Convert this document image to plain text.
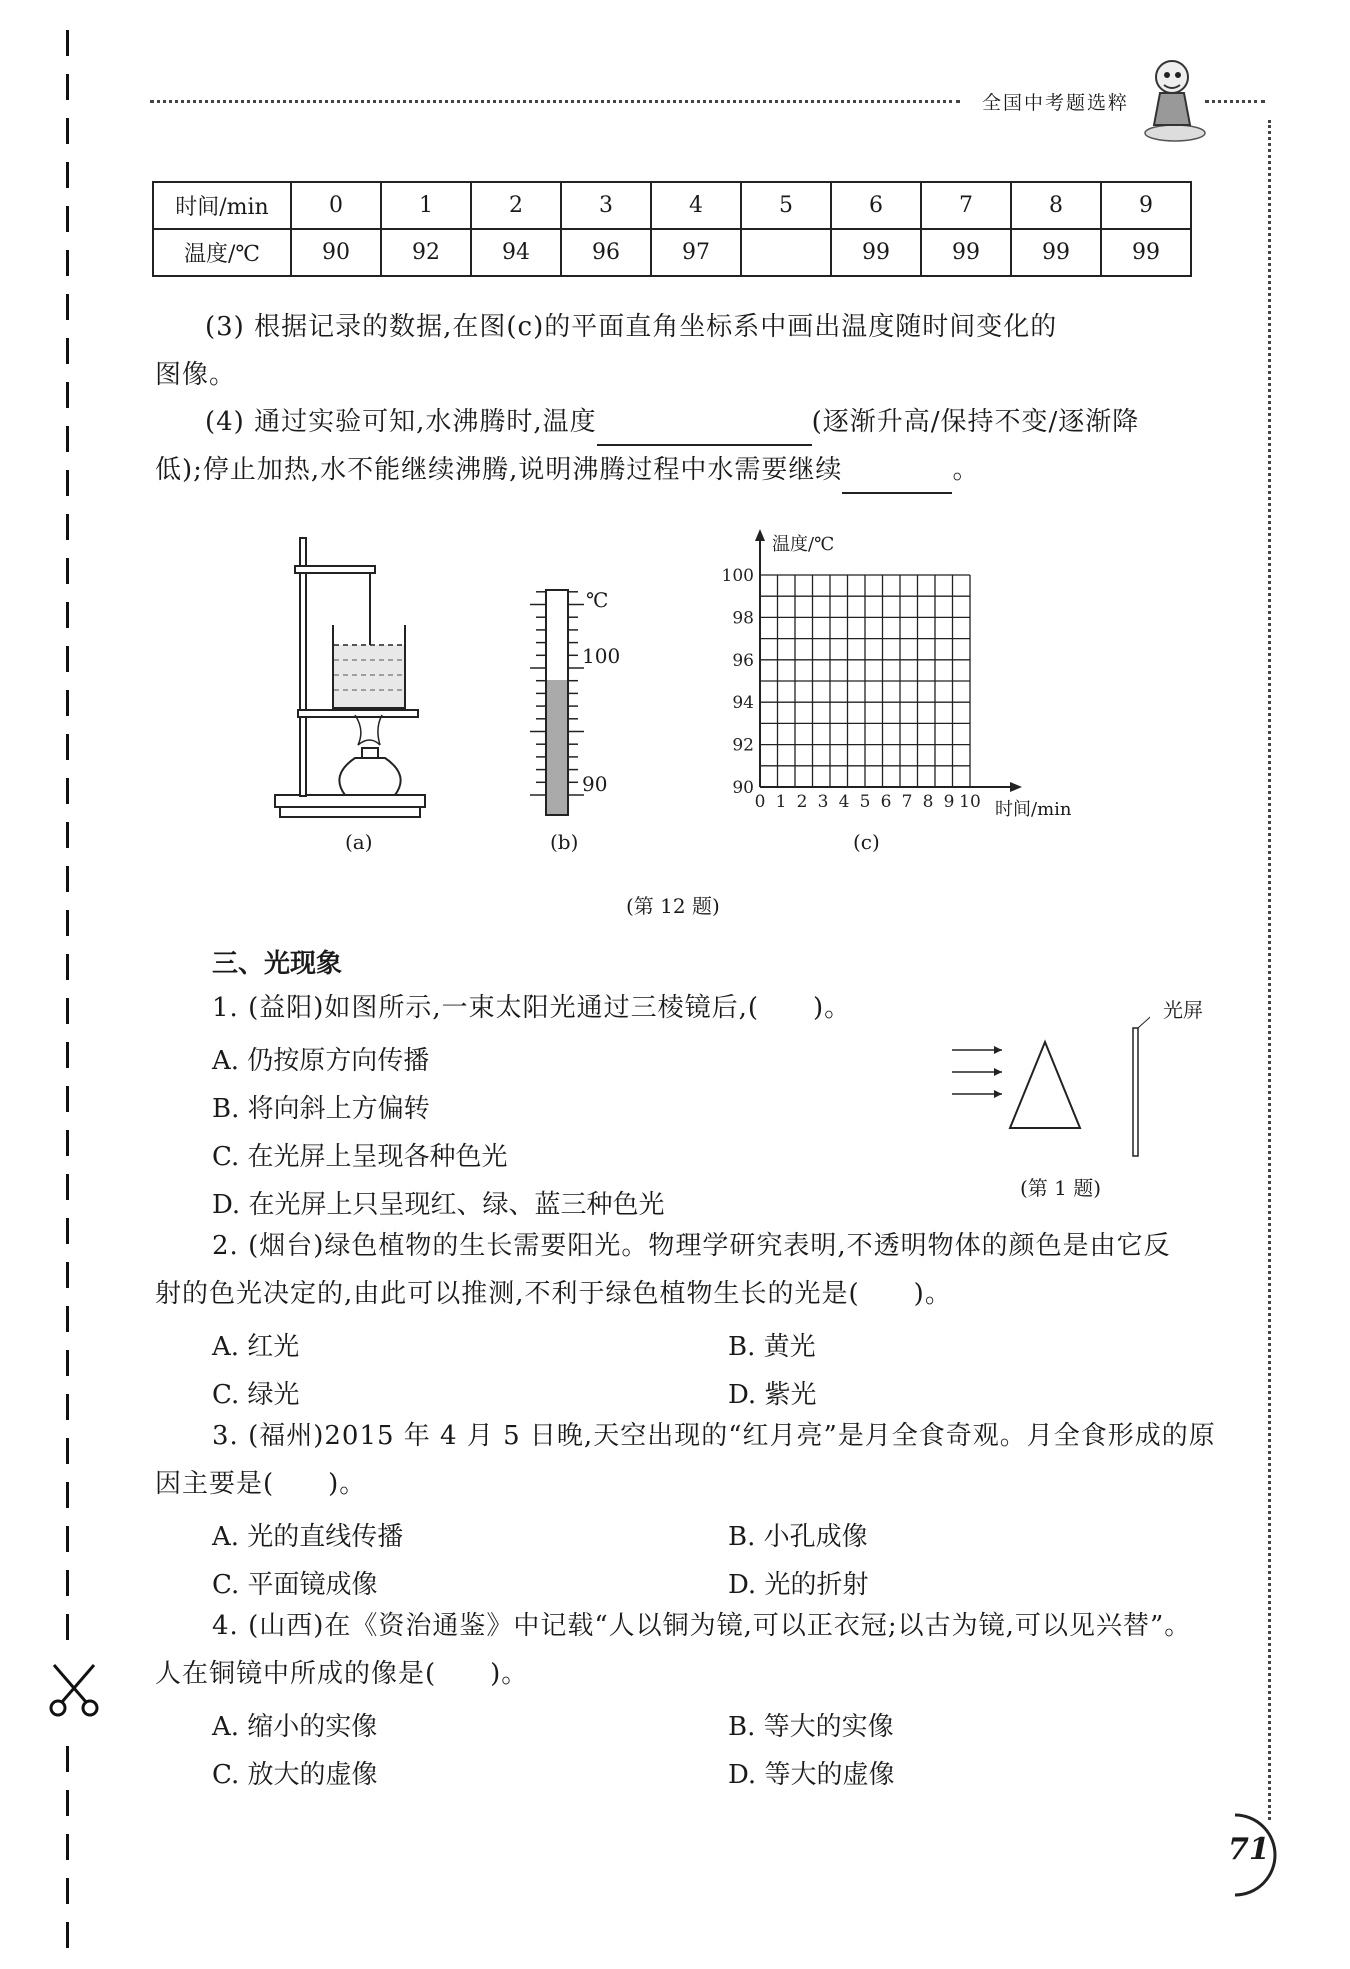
全国中考题选粹
时间/min	0	1	2	3	4	5	6	7	8	9
温度/℃	90	92	94	96	97		99	99	99	99
(3) 根据记录的数据,在图(c)的平面直角坐标系中画出温度随时间变化的
图像。
(4) 通过实验可知,水沸腾时,温度	(逐渐升高/保持不变/逐渐降
低);停止加热,水不能继续沸腾,说明沸腾过程中水需要继续	。
(a)
℃
100
90
(b)
90
92
94
96
98
100
0 1 2 3 4 5 6 7 8 9 10
温度/℃
时间/min
(c)
(第 12 题)
三、光现象
1. (益阳)如图所示,一束太阳光通过三棱镜后,(　　)。
A. 仍按原方向传播
B. 将向斜上方偏转
C. 在光屏上呈现各种色光
D. 在光屏上只呈现红、绿、蓝三种色光
光屏
(第 1 题)
2. (烟台)绿色植物的生长需要阳光。物理学研究表明,不透明物体的颜色是由它反
射的色光决定的,由此可以推测,不利于绿色植物生长的光是(　　)。
A. 红光	B. 黄光
C. 绿光	D. 紫光
3. (福州)2015 年 4 月 5 日晚,天空出现的“红月亮”是月全食奇观。月全食形成的原
因主要是(　　)。
A. 光的直线传播	B. 小孔成像
C. 平面镜成像	D. 光的折射
4. (山西)在《资治通鉴》中记载“人以铜为镜,可以正衣冠;以古为镜,可以见兴替”。
人在铜镜中所成的像是(　　)。
A. 缩小的实像	B. 等大的实像
C. 放大的虚像	D. 等大的虚像
71
